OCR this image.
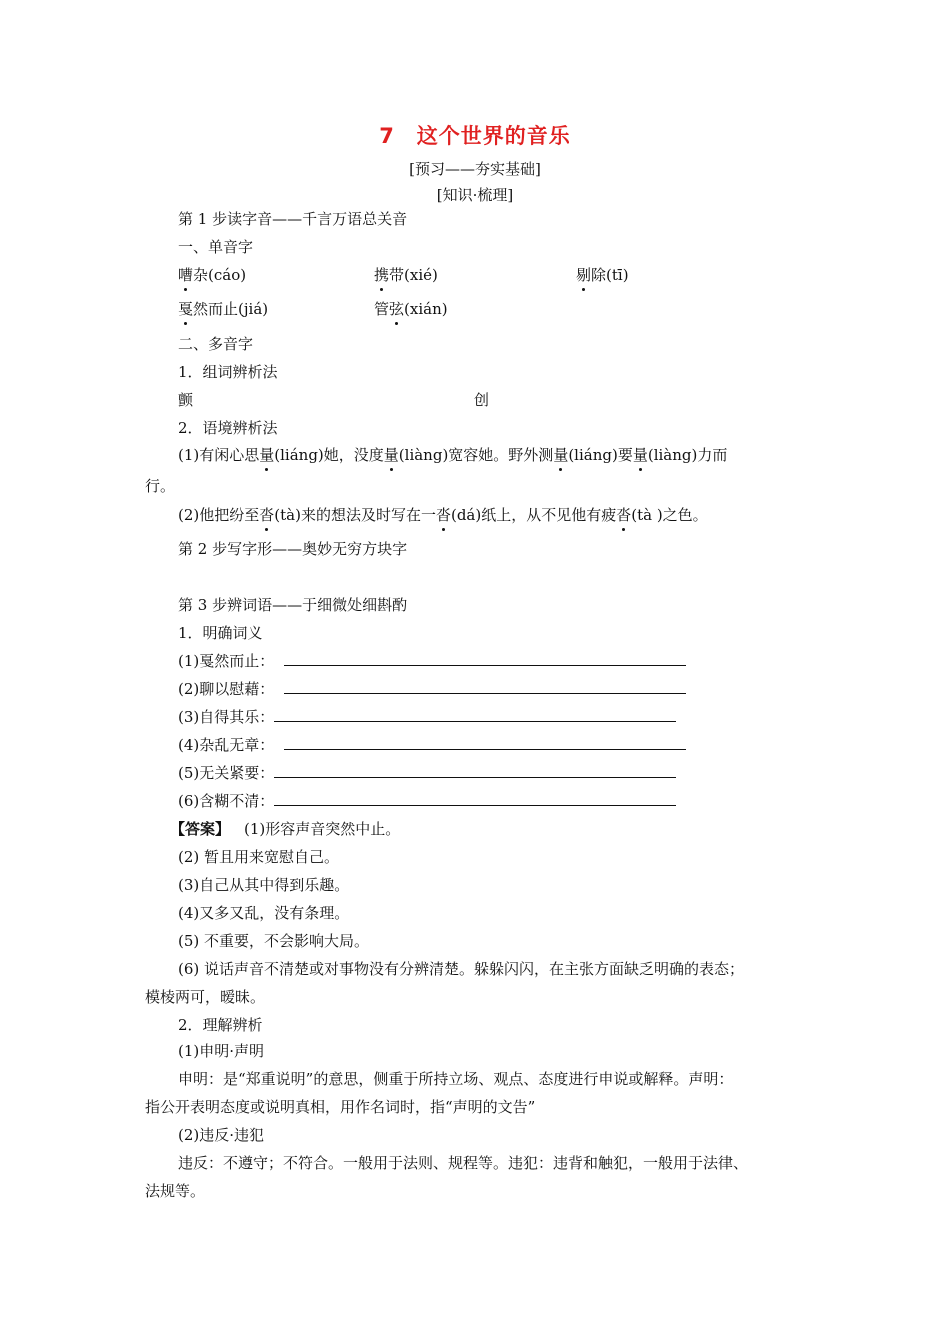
7　这个世界的音乐
[预习——夯实基础]
[知识·梳理]
第 1 步读字音——千言万语总关音
一、单音字
嘈杂(cáo)	携带(xié)	剔除(tī)
戛然而止(jiá)	管弦(xián)
二、多音字
1．组词辨析法
颤	创
2．语境辨析法
(1)有闲心思量(liáng)她，没度量(liàng)宽容她。野外测量(liáng)要量(liàng)力而
行。
(2)他把纷至沓(tà)来的想法及时写在一沓(dá)纸上，从不见他有疲沓(tà )之色。
第 2 步写字形——奥妙无穷方块字
第 3 步辨词语——于细微处细斟酌
1．明确词义
(1)戛然而止：
(2)聊以慰藉：
(3)自得其乐：
(4)杂乱无章：
(5)无关紧要：
(6)含糊不清：
【答案】 (1)形容声音突然中止。
(2) 暂且用来宽慰自己。
(3)自己从其中得到乐趣。
(4)又多又乱，没有条理。
(5) 不重要，不会影响大局。
(6) 说话声音不清楚或对事物没有分辨清楚。躲躲闪闪，在主张方面缺乏明确的表态；
模棱两可，暧昧。
2．理解辨析
(1)申明·声明
申明：是“郑重说明”的意思，侧重于所持立场、观点、态度进行申说或解释。声明：
指公开表明态度或说明真相，用作名词时，指“声明的文告”
(2)违反·违犯
违反：不遵守；不符合。一般用于法则、规程等。违犯：违背和触犯，一般用于法律、
法规等。
